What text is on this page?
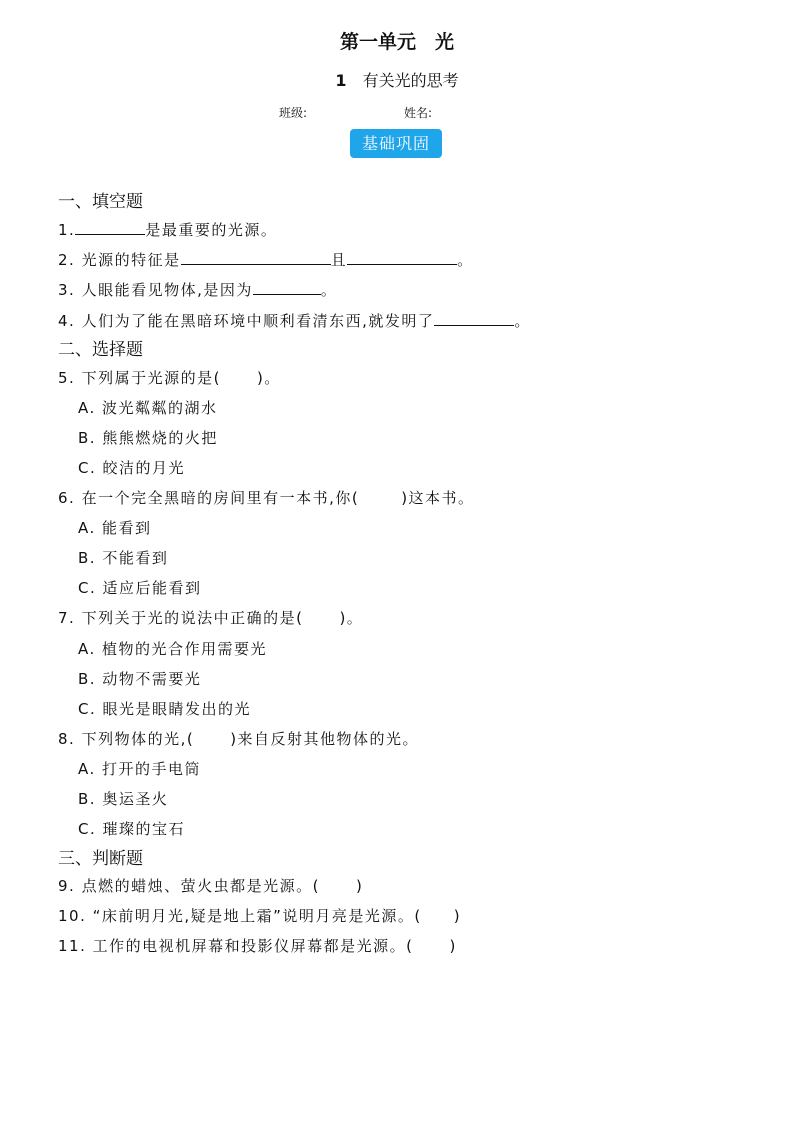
第一单元　光
1 有关光的思考
班级:	姓名:
基础巩固
一、填空题
1.	是最重要的光源。
2. 光源的特征是	且	。
3. 人眼能看见物体,是因为	。
4. 人们为了能在黑暗环境中顺利看清东西,就发明了	。
二、选择题
5. 下列属于光源的是( )。
A. 波光粼粼的湖水
B. 熊熊燃烧的火把
C. 皎洁的月光
6. 在一个完全黑暗的房间里有一本书,你(	)这本书。
A. 能看到
B. 不能看到
C. 适应后能看到
7. 下列关于光的说法中正确的是( )。
A. 植物的光合作用需要光
B. 动物不需要光
C. 眼光是眼睛发出的光
8. 下列物体的光,( )来自反射其他物体的光。
A. 打开的手电筒
B. 奥运圣火
C. 璀璨的宝石
三、判断题
9. 点燃的蜡烛、萤火虫都是光源。( )
10. “床前明月光,疑是地上霜”说明月亮是光源。( )
11. 工作的电视机屏幕和投影仪屏幕都是光源。( )
